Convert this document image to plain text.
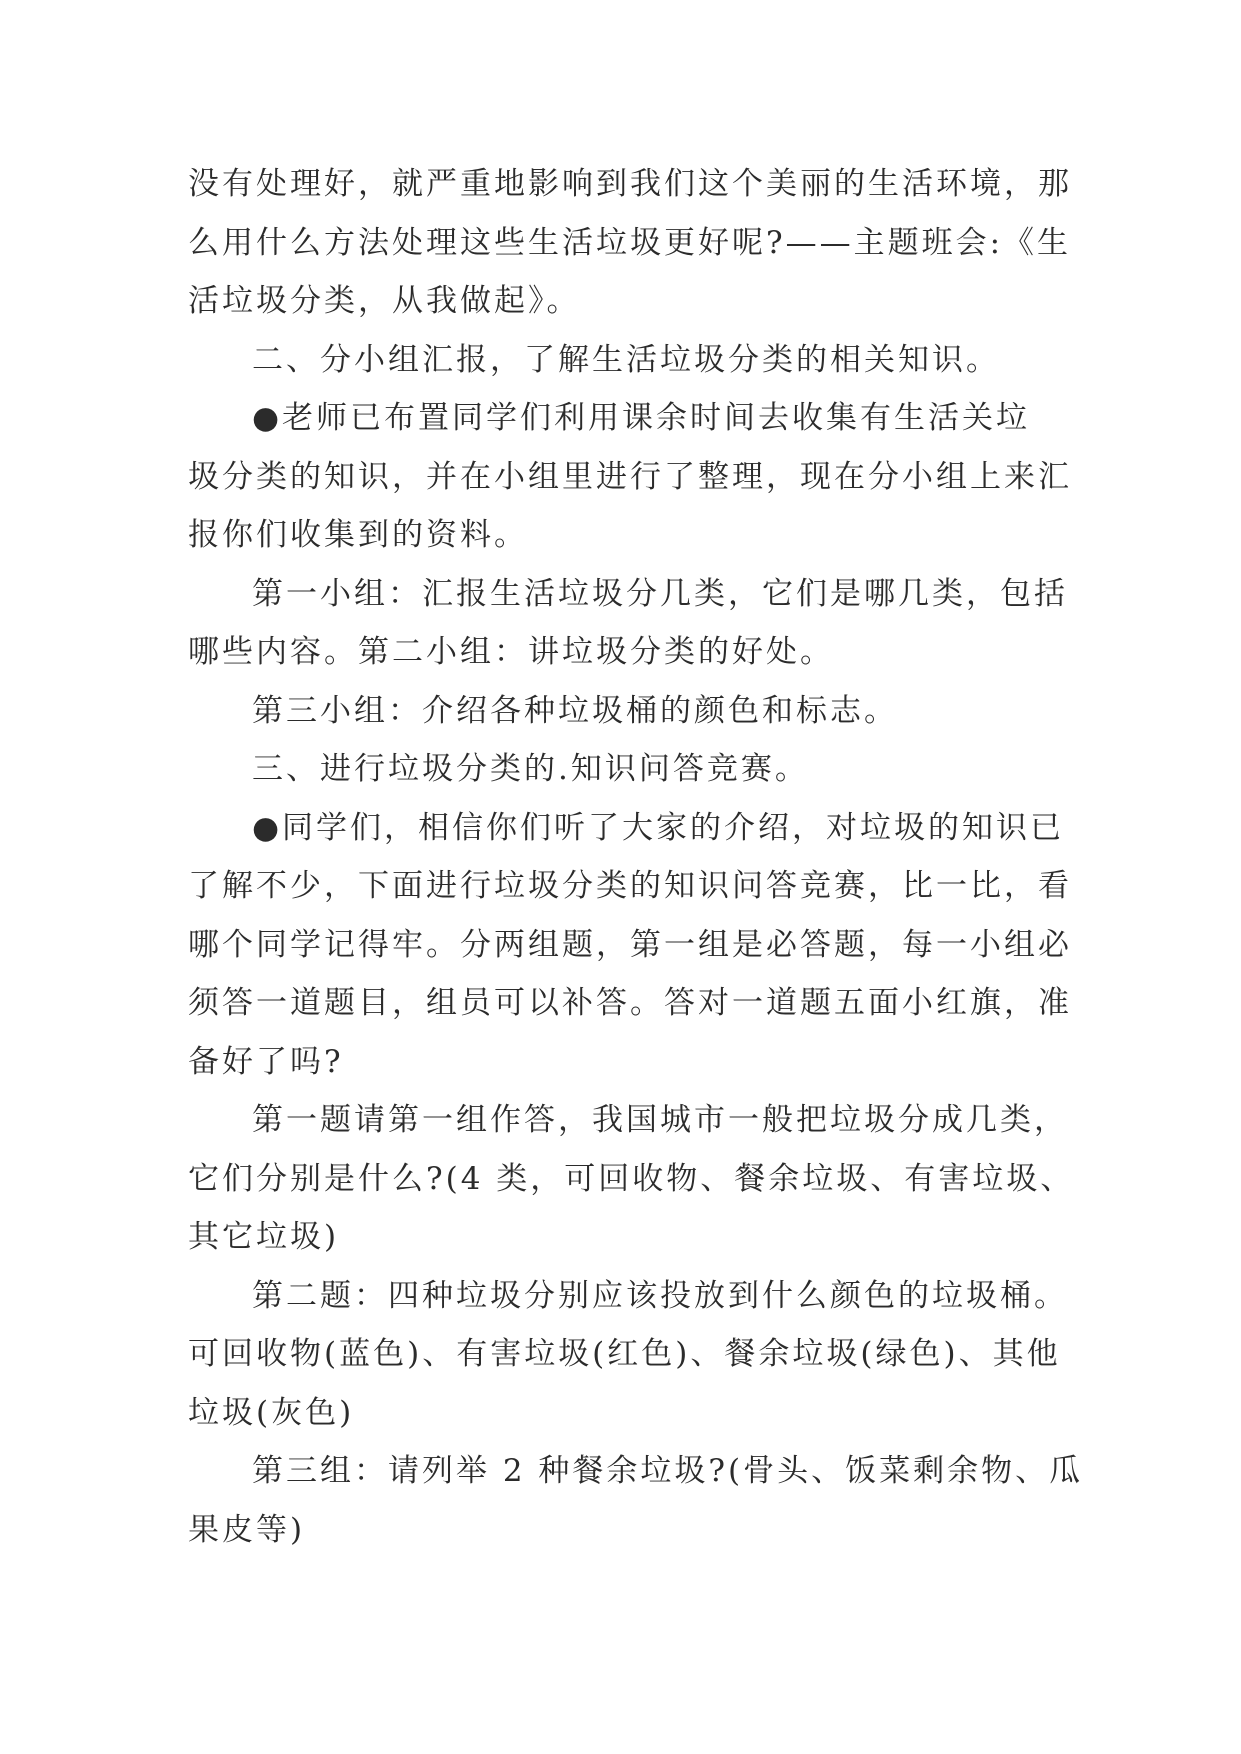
没有处理好，就严重地影响到我们这个美丽的生活环境，那
么用什么方法处理这些生活垃圾更好呢?——主题班会:《生
活垃圾分类，从我做起》。

二、分小组汇报，了解生活垃圾分类的相关知识。

●老师已布置同学们利用课余时间去收集有生活关垃

圾分类的知识，并在小组里进行了整理，现在分小组上来汇
报你们收集到的资料。

第一小组：汇报生活垃圾分几类，它们是哪几类，包括

哪些内容。第二小组：讲垃圾分类的好处。

第三小组：介绍各种垃圾桶的颜色和标志。

三、进行垃圾分类的.知识问答竞赛。

●同学们，相信你们听了大家的介绍，对垃圾的知识已

了解不少，下面进行垃圾分类的知识问答竞赛，比一比，看
哪个同学记得牢。分两组题，第一组是必答题，每一小组必
须答一道题目，组员可以补答。答对一道题五面小红旗，准
备好了吗?

第一题请第一组作答，我国城市一般把垃圾分成几类，

它们分别是什么?(4 类，可回收物、餐余垃圾、有害垃圾、
其它垃圾)

第二题：四种垃圾分别应该投放到什么颜色的垃圾桶。

可回收物(蓝色)、有害垃圾(红色)、餐余垃圾(绿色)、其他
垃圾(灰色)

第三组：请列举 2 种餐余垃圾?(骨头、饭菜剩余物、瓜

果皮等)
